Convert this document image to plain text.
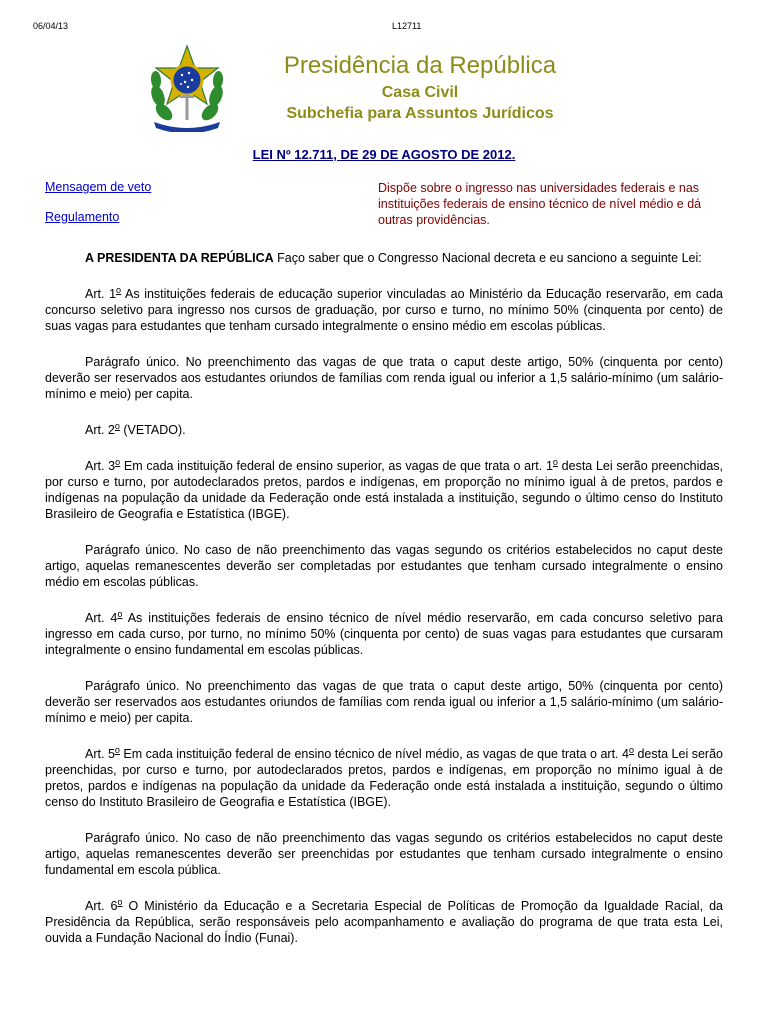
06/04/13	L12711
Presidência da República
Casa Civil
Subchefia para Assuntos Jurídicos
LEI Nº 12.711, DE 29 DE AGOSTO DE 2012.
Mensagem de veto
Regulamento
Dispõe sobre o ingresso nas universidades federais e nas instituições federais de ensino técnico de nível médio e dá outras providências.

A PRESIDENTA DA REPÚBLICA Faço saber que o Congresso Nacional decreta e eu sanciono a seguinte Lei:

Art. 1$^o$ As instituições federais de educação superior vinculadas ao Ministério da Educação reservarão, em cada concurso seletivo para ingresso nos cursos de graduação, por curso e turno, no mínimo 50% (cinquenta por cento) de suas vagas para estudantes que tenham cursado integralmente o ensino médio em escolas públicas.

Parágrafo único. No preenchimento das vagas de que trata o caput deste artigo, 50% (cinquenta por cento) deverão ser reservados aos estudantes oriundos de famílias com renda igual ou inferior a 1,5 salário-mínimo (um salário-mínimo e meio) per capita.

Art. 2$^o$ (VETADO).

Art. 3$^o$ Em cada instituição federal de ensino superior, as vagas de que trata o art. 1$^o$ desta Lei serão preenchidas, por curso e turno, por autodeclarados pretos, pardos e indígenas, em proporção no mínimo igual à de pretos, pardos e indígenas na população da unidade da Federação onde está instalada a instituição, segundo o último censo do Instituto Brasileiro de Geografia e Estatística (IBGE).

Parágrafo único. No caso de não preenchimento das vagas segundo os critérios estabelecidos no caput deste artigo, aquelas remanescentes deverão ser completadas por estudantes que tenham cursado integralmente o ensino médio em escolas públicas.

Art. 4$^o$ As instituições federais de ensino técnico de nível médio reservarão, em cada concurso seletivo para ingresso em cada curso, por turno, no mínimo 50% (cinquenta por cento) de suas vagas para estudantes que cursaram integralmente o ensino fundamental em escolas públicas.

Parágrafo único. No preenchimento das vagas de que trata o caput deste artigo, 50% (cinquenta por cento) deverão ser reservados aos estudantes oriundos de famílias com renda igual ou inferior a 1,5 salário-mínimo (um salário-mínimo e meio) per capita.

Art. 5$^o$ Em cada instituição federal de ensino técnico de nível médio, as vagas de que trata o art. 4$^o$ desta Lei serão preenchidas, por curso e turno, por autodeclarados pretos, pardos e indígenas, em proporção no mínimo igual à de pretos, pardos e indígenas na população da unidade da Federação onde está instalada a instituição, segundo o último censo do Instituto Brasileiro de Geografia e Estatística (IBGE).

Parágrafo único. No caso de não preenchimento das vagas segundo os critérios estabelecidos no caput deste artigo, aquelas remanescentes deverão ser preenchidas por estudantes que tenham cursado integralmente o ensino fundamental em escola pública.

Art. 6$^o$ O Ministério da Educação e a Secretaria Especial de Políticas de Promoção da Igualdade Racial, da Presidência da República, serão responsáveis pelo acompanhamento e avaliação do programa de que trata esta Lei, ouvida a Fundação Nacional do Índio (Funai).
